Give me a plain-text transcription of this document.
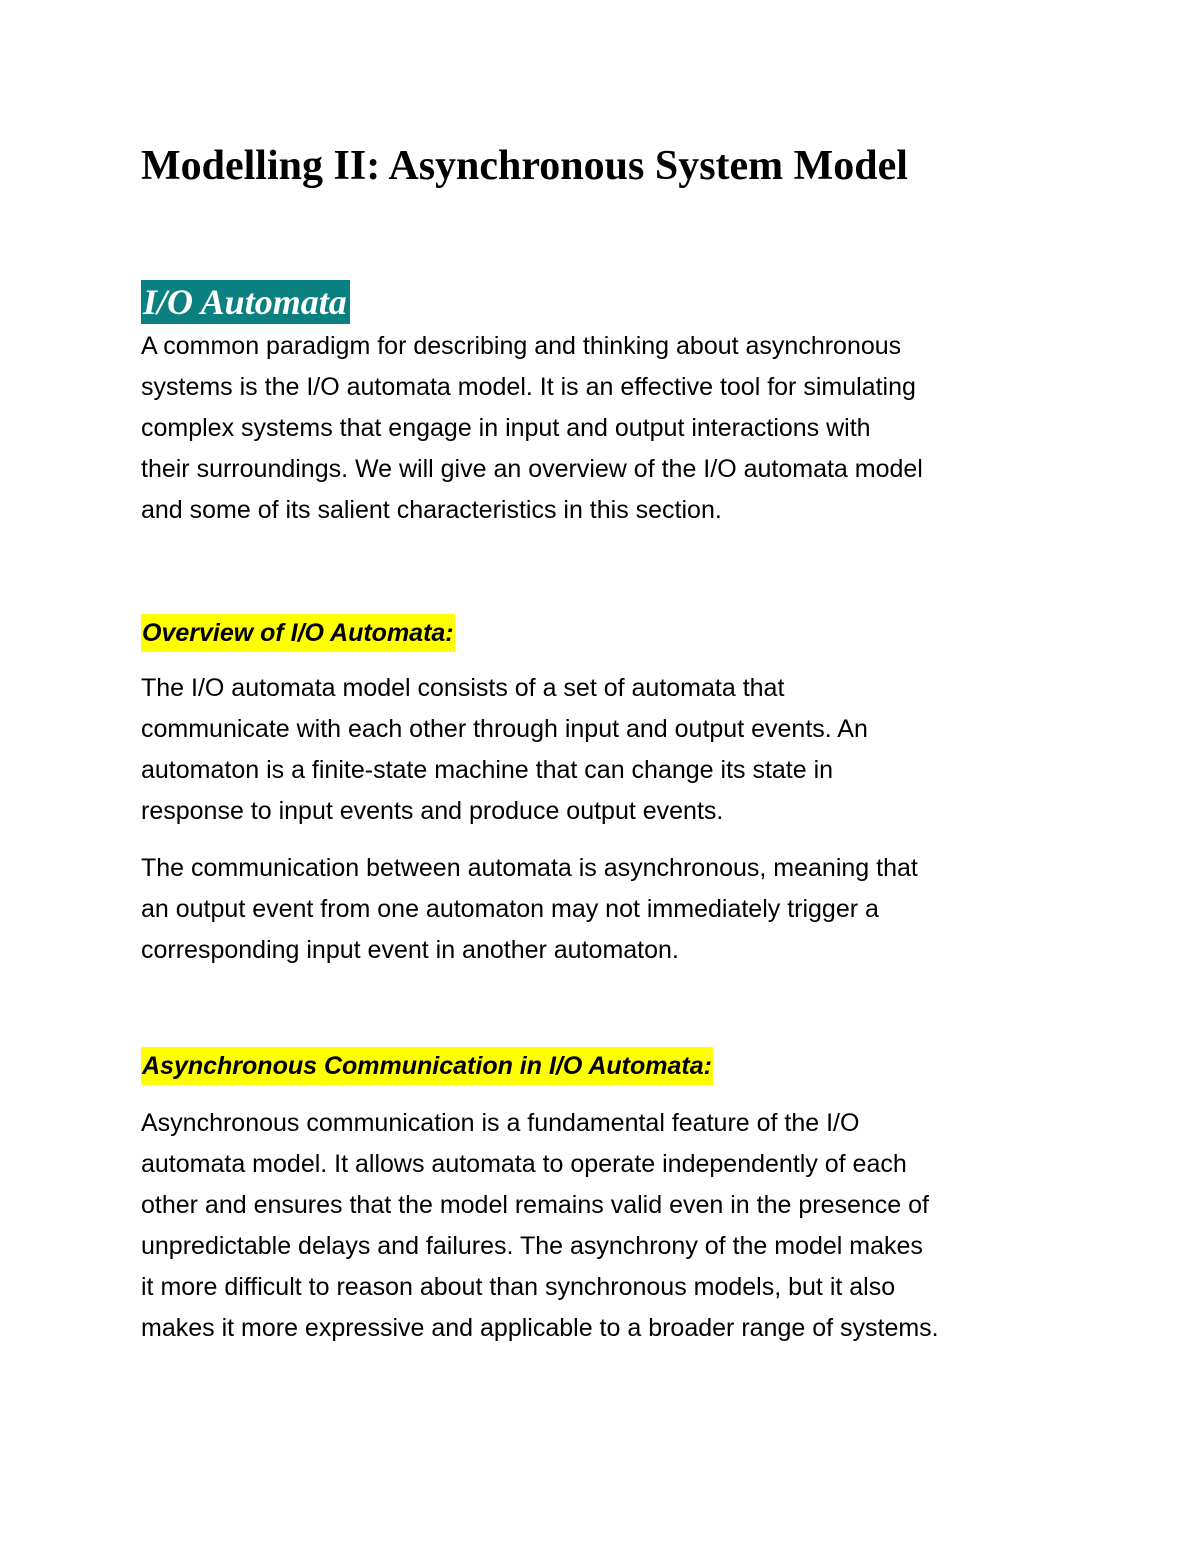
Modelling II: Asynchronous System Model
I/O Automata

A common paradigm for describing and thinking about asynchronous
systems is the I/O automata model. It is an effective tool for simulating
complex systems that engage in input and output interactions with
their surroundings. We will give an overview of the I/O automata model
and some of its salient characteristics in this section.

Overview of I/O Automata:

The I/O automata model consists of a set of automata that
communicate with each other through input and output events. An
automaton is a finite-state machine that can change its state in
response to input events and produce output events.

The communication between automata is asynchronous, meaning that
an output event from one automaton may not immediately trigger a
corresponding input event in another automaton.

Asynchronous Communication in I/O Automata:

Asynchronous communication is a fundamental feature of the I/O
automata model. It allows automata to operate independently of each
other and ensures that the model remains valid even in the presence of
unpredictable delays and failures. The asynchrony of the model makes
it more difficult to reason about than synchronous models, but it also
makes it more expressive and applicable to a broader range of systems.
